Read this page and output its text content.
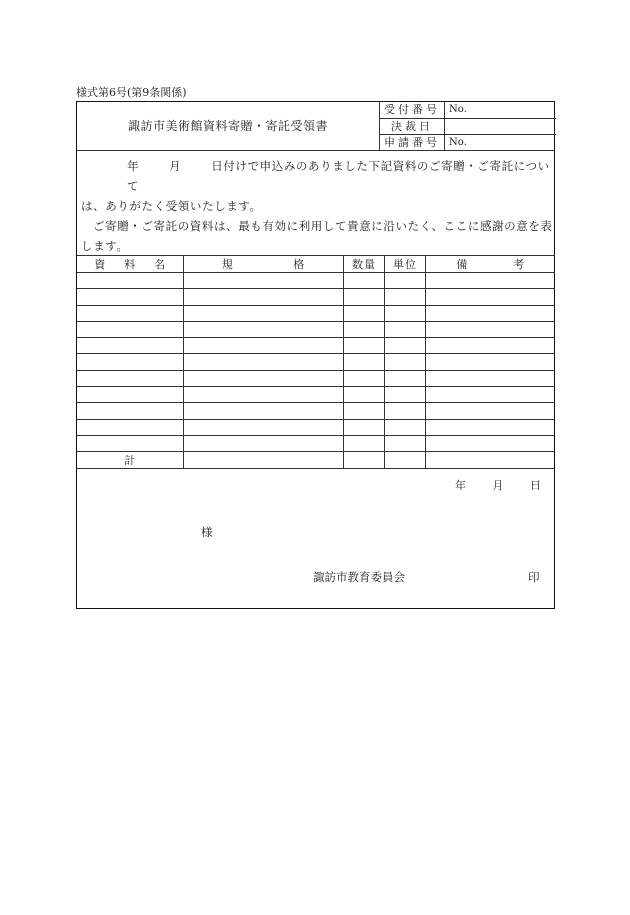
様式第6号(第9条関係)
諏訪市美術館資料寄贈・寄託受領書
受付番号 No.
決裁日
申請番号 No.

年	月	日付けで申込みのありました下記資料のご寄贈・ご寄託について

は、ありがたく受領いたします。

ご寄贈・ご寄託の資料は、最も有効に利用して貴意に沿いたく、ここに感謝の意を表します。

資 料 名	規 格	数 量	単 位	備 考

計				
年 月 日
様
諏訪市教育委員会	印
